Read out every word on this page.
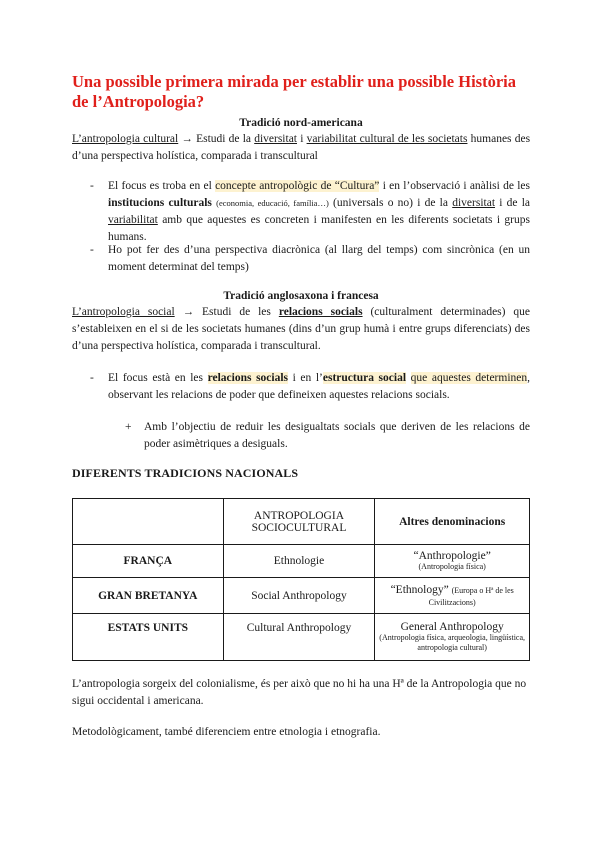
Una possible primera mirada per establir una possible Història de l’Antropologia?
Tradició nord-americana
L’antropologia cultural → Estudi de la diversitat i variabilitat cultural de les societats humanes des d’una perspectiva holística, comparada i transcultural
- El focus es troba en el concepte antropològic de “Cultura” i en l’observació i anàlisi de les institucions culturals (economia, educació, família…) (universals o no) i de la diversitat i de la variabilitat amb que aquestes es concreten i manifesten en les diferents societats i grups humans.
- Ho pot fer des d’una perspectiva diacrònica (al llarg del temps) com sincrònica (en un moment determinat del temps)
Tradició anglosaxona i francesa
L’antropologia social → Estudi de les relacions socials (culturalment determinades) que s’estableixen en el si de les societats humanes (dins d’un grup humà i entre grups diferenciats) des d’una perspectiva holística, comparada i transcultural.
- El focus està en les relacions socials i en l’estructura social que aquestes determinen, observant les relacions de poder que defineixen aquestes relacions socials.
+ Amb l’objectiu de reduir les desigualtats socials que deriven de les relacions de poder asimètriques a desiguals.
DIFERENTS TRADICIONS NACIONALS
	ANTROPOLOGIA SOCIOCULTURAL	Altres denominacions
FRANÇA	Ethnologie	“Anthropologie”
(Antropologia física)

GRAN BRETANYA	Social Anthropology	“Ethnology” (Europa o Hª de les Civilitzacions)
ESTATS UNITS	Cultural Anthropology	General Anthropology
(Antropologia física, arqueologia, lingüística, antropologia cultural)
L’antropologia sorgeix del colonialisme, és per això que no hi ha una Hª de la Antropologia que no sigui occidental i americana.
Metodològicament, també diferenciem entre etnologia i etnografia.
